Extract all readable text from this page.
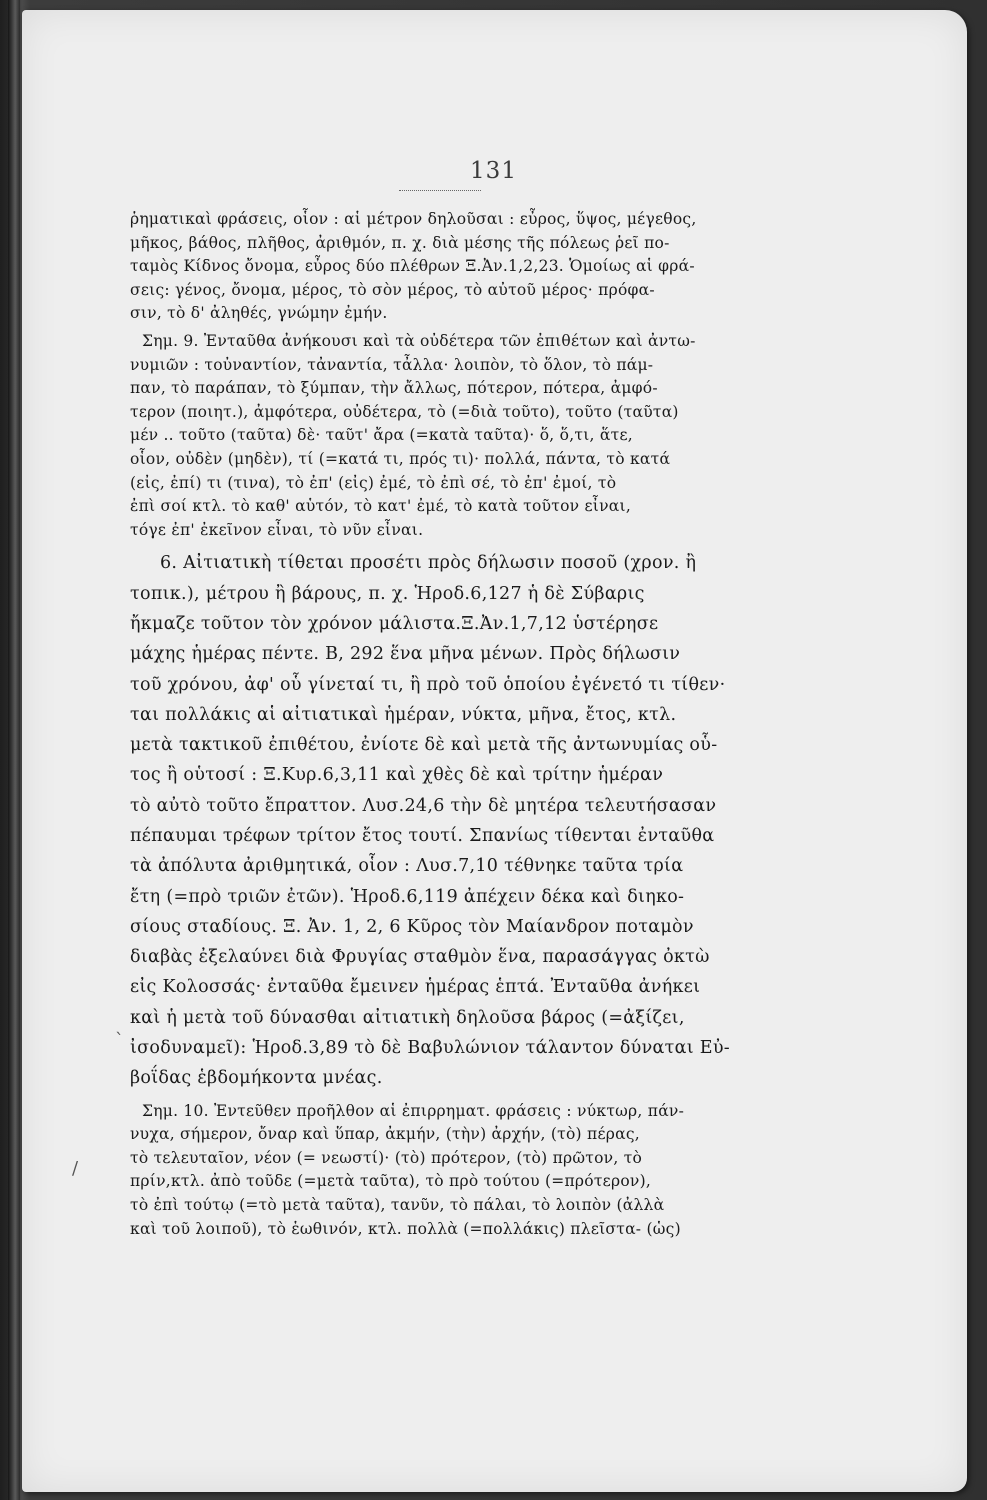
131
`
/
ῥηματικαὶ φράσεις, οἷον : αἱ μέτρον δηλοῦσαι : εὖρος, ὕψος, μέγεθος,
μῆκος, βάθος, πλῆθος, ἀριθμόν, π. χ. διὰ μέσης τῆς πόλεως ῥεῖ πο-
ταμὸς Κίδνος ὄνομα, εὖρος δύο πλέθρων Ξ.Ἀν.1,2,23. Ὁμοίως αἱ φρά-
σεις: γένος, ὄνομα, μέρος, τὸ σὸν μέρος, τὸ αὐτοῦ μέρος· πρόφα-
σιν, τὸ δ' ἀληθές, γνώμην ἐμήν.
Σημ. 9. Ἐνταῦθα ἀνήκουσι καὶ τὰ οὐδέτερα τῶν ἐπιθέτων καὶ ἀντω-
νυμιῶν : τοὐναντίον, τἀναντία, τἆλλα· λοιπὸν, τὸ ὅλον, τὸ πάμ-
παν, τὸ παράπαν, τὸ ξύμπαν, τὴν ἄλλως, πότερον, πότερα, ἀμφό-
τερον (ποιητ.), ἀμφότερα, οὐδέτερα, τὸ (=διὰ τοῦτο), τοῦτο (ταῦτα)
μέν .. τοῦτο (ταῦτα) δὲ· ταῦτ' ἄρα (=κατὰ ταῦτα)· ὅ, ὅ,τι, ἅτε,
οἷον, οὐδὲν (μηδὲν), τί (=κατά τι, πρός τι)· πολλά, πάντα, τὸ κατά
(εἰς, ἐπί) τι (τινα), τὸ ἐπ' (εἰς) ἐμέ, τὸ ἐπὶ σέ, τὸ ἐπ' ἐμοί, τὸ
ἐπὶ σοί κτλ. τὸ καθ' αὑτόν, τὸ κατ' ἐμέ, τὸ κατὰ τοῦτον εἶναι,
τόγε ἐπ' ἐκεῖνον εἶναι, τὸ νῦν εἶναι.
6. Αἰτιατικὴ τίθεται προσέτι πρὸς δήλωσιν ποσοῦ (χρον. ἢ
τοπικ.), μέτρου ἢ βάρους, π. χ. Ἡροδ.6,127 ἡ δὲ Σύβαρις
ἤκμαζε τοῦτον τὸν χρόνον μάλιστα.Ξ.Ἀν.1,7,12 ὑστέρησε
μάχης ἡμέρας πέντε. Β, 292 ἕνα μῆνα μένων. Πρὸς δήλωσιν
τοῦ χρόνου, ἀφ' οὗ γίνεταί τι, ἢ πρὸ τοῦ ὁποίου ἐγένετό τι τίθεν·
ται πολλάκις αἱ αἰτιατικαὶ ἡμέραν, νύκτα, μῆνα, ἔτος, κτλ.
μετὰ τακτικοῦ ἐπιθέτου, ἐνίοτε δὲ καὶ μετὰ τῆς ἀντωνυμίας οὗ-
τος ἢ οὑτοσί : Ξ.Κυρ.6,3,11 καὶ χθὲς δὲ καὶ τρίτην ἡμέραν
τὸ αὐτὸ τοῦτο ἔπραττον. Λυσ.24,6 τὴν δὲ μητέρα τελευτήσασαν
πέπαυμαι τρέφων τρίτον ἔτος τουτί. Σπανίως τίθενται ἐνταῦθα
τὰ ἀπόλυτα ἀριθμητικά, οἷον : Λυσ.7,10 τέθνηκε ταῦτα τρία
ἔτη (=πρὸ τριῶν ἐτῶν). Ἡροδ.6,119 ἀπέχειν δέκα καὶ διηκο-
σίους σταδίους. Ξ. Ἀν. 1, 2, 6 Κῦρος τὸν Μαίανδρον ποταμὸν
διαβὰς ἐξελαύνει διὰ Φρυγίας σταθμὸν ἕνα, παρασάγγας ὀκτὼ
εἰς Κολοσσάς· ἐνταῦθα ἔμεινεν ἡμέρας ἑπτά. Ἐνταῦθα ἀνήκει
καὶ ἡ μετὰ τοῦ δύνασθαι αἰτιατικὴ δηλοῦσα βάρος (=ἀξίζει,
ἰσοδυναμεῖ): Ἡροδ.3,89 τὸ δὲ Βαβυλώνιον τάλαντον δύναται Εὐ-
βοΐδας ἑβδομήκοντα μνέας.
Σημ. 10. Ἐντεῦθεν προῆλθον αἱ ἐπιρρηματ. φράσεις : νύκτωρ, πάν-
νυχα, σήμερον, ὄναρ καὶ ὕπαρ, ἀκμήν, (τὴν) ἀρχήν, (τὸ) πέρας,
τὸ τελευταῖον, νέον (= νεωστί)· (τὸ) πρότερον, (τὸ) πρῶτον, τὸ
πρίν,κτλ. ἀπὸ τοῦδε (=μετὰ ταῦτα), τὸ πρὸ τούτου (=πρότερον),
τὸ ἐπὶ τούτῳ (=τὸ μετὰ ταῦτα), τανῦν, τὸ πάλαι, τὸ λοιπὸν (ἀλλὰ
καὶ τοῦ λοιποῦ), τὸ ἑωθινόν, κτλ. πολλὰ (=πολλάκις) πλεῖστα- (ὡς)
